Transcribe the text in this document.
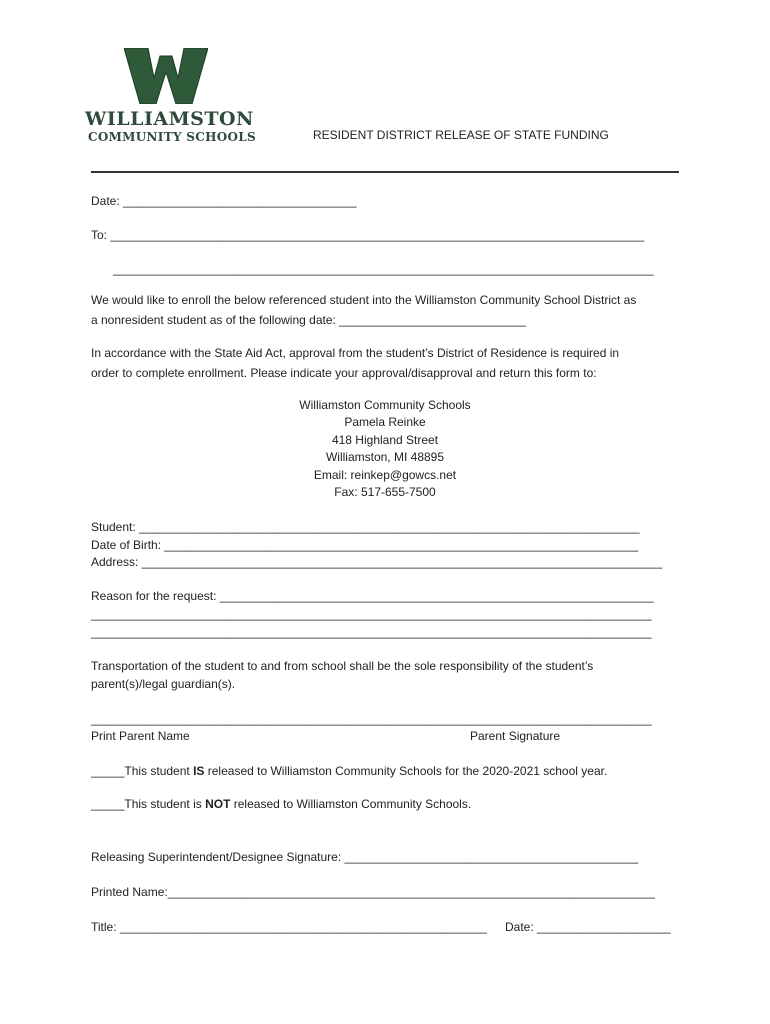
WILLIAMSTON
COMMUNITY SCHOOLS	RESIDENT DISTRICT RELEASE OF STATE FUNDING
Date: ___________________________________
To: ________________________________________________________________________________
_________________________________________________________________________________
We would like to enroll the below referenced student into the Williamston Community School District as
a nonresident student as of the following date: ____________________________
In accordance with the State Aid Act, approval from the student’s District of Residence is required in
order to complete enrollment. Please indicate your approval/disapproval and return this form to:
Williamston Community Schools
Pamela Reinke
418 Highland Street
Williamston, MI 48895
Email: reinkep@gowcs.net
Fax: 517-655-7500
Student: ___________________________________________________________________________
Date of Birth: _______________________________________________________________________
Address: ______________________________________________________________________________
Reason for the request: _________________________________________________________________
____________________________________________________________________________________
____________________________________________________________________________________
Transportation of the student to and from school shall be the sole responsibility of the student’s
parent(s)/legal guardian(s).
____________________________________________________________________________________
Print Parent Name	Parent Signature
_____This student IS released to Williamston Community Schools for the 2020-2021 school year.
_____This student is NOT released to Williamston Community Schools.
Releasing Superintendent/Designee Signature: ____________________________________________
Printed Name:_________________________________________________________________________
Title: _______________________________________________________ Date: ____________________
